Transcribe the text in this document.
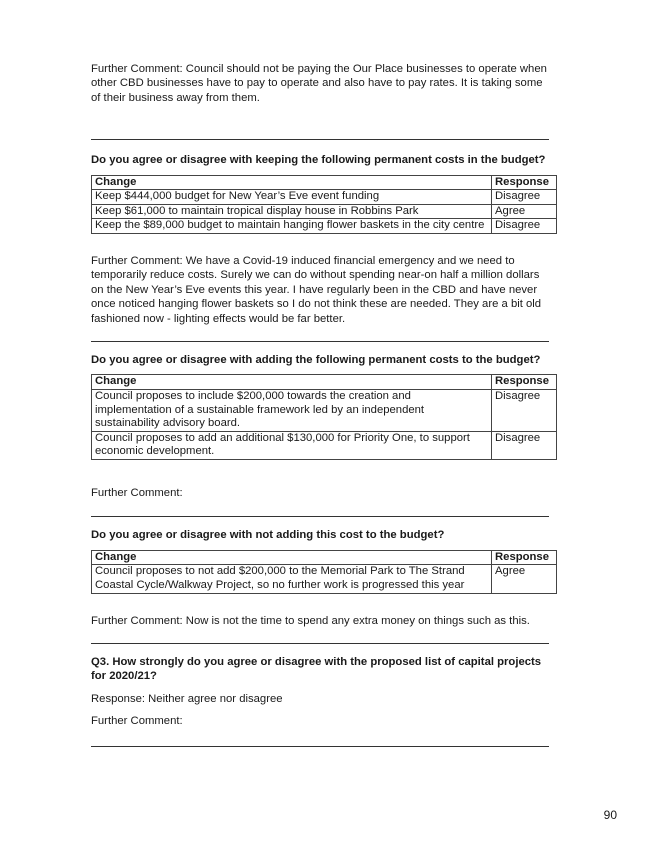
Further Comment: Council should not be paying the Our Place businesses to operate when other CBD businesses have to pay to operate and also have to pay rates. It is taking some of their business away from them.

Do you agree or disagree with keeping the following permanent costs in the budget?

Change	Response
Keep $444,000 budget for New Year’s Eve event funding	Disagree
Keep $61,000 to maintain tropical display house in Robbins Park	Agree
Keep the $89,000 budget to maintain hanging flower baskets in the city centre	Disagree

Further Comment: We have a Covid-19 induced financial emergency and we need to temporarily reduce costs. Surely we can do without spending near-on half a million dollars on the New Year’s Eve events this year. I have regularly been in the CBD and have never once noticed hanging flower baskets so I do not think these are needed. They are a bit old fashioned now - lighting effects would be far better.

Do you agree or disagree with adding the following permanent costs to the budget?

Change	Response
Council proposes to include $200,000 towards the creation and implementation of a sustainable framework led by an independent sustainability advisory board.	Disagree
Council proposes to add an additional $130,000 for Priority One, to support economic development.	Disagree

Further Comment:

Do you agree or disagree with not adding this cost to the budget?

Change	Response
Council proposes to not add $200,000 to the Memorial Park to The Strand Coastal Cycle/Walkway Project, so no further work is progressed this year	Agree

Further Comment: Now is not the time to spend any extra money on things such as this.

Q3. How strongly do you agree or disagree with the proposed list of capital projects for 2020/21?

Response: Neither agree nor disagree

Further Comment:

90
